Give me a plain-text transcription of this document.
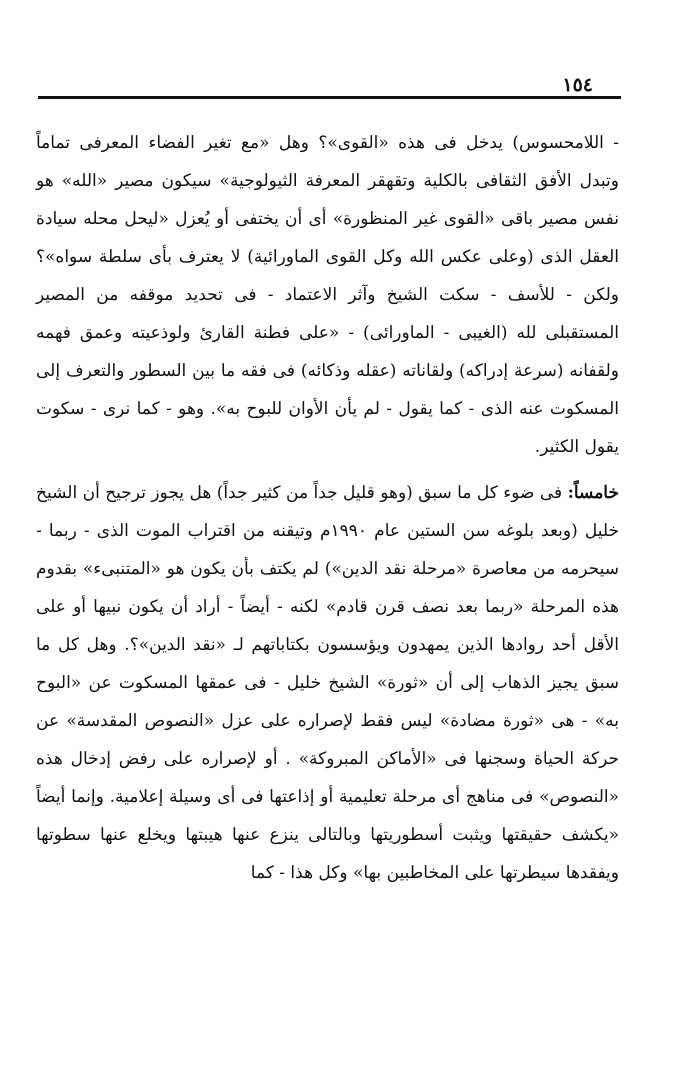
١٥٤

- اللامحسوس) يدخل فى هذه «القوى»؟ وهل «مع تغير الفضاء المعرفى تماماً وتبدل الأفق الثقافى بالكلية وتقهقر المعرفة الثيولوجية» سيكون مصير «الله» هو نفس مصير باقى «القوى غير المنظورة» أى أن يختفى أو يُعزل «ليحل محله سيادة العقل الذى (وعلى عكس الله وكل القوى الماورائية) لا يعترف بأى سلطة سواه»؟ ولكن - للأسف - سكت الشيخ وآثر الاعتماد - فى تحديد موقفه من المصير المستقبلى لله (الغيبى - الماورائى) - «على فطنة القارئ ولوذعيته وعمق فهمه ولقفانه (سرعة إدراكه) ولقاناته (عقله وذكائه) فى فقه ما بين السطور والتعرف إلى المسكوت عنه الذى - كما يقول - لم يأن الأوان للبوح به». وهو - كما نرى - سكوت يقول الكثير.

خامساً: فى ضوء كل ما سبق (وهو قليل جداً من كثير جداً) هل يجوز ترجيح أن الشيخ خليل (وبعد بلوغه سن الستين عام ١٩٩٠م وتيقنه من اقتراب الموت الذى - ربما - سيحرمه من معاصرة «مرحلة نقد الدين») لم يكتف بأن يكون هو «المتنبىء» بقدوم هذه المرحلة «ربما بعد نصف قرن قادم» لكنه - أيضاً - أراد أن يكون نبيها أو على الأقل أحد روادها الذين يمهدون ويؤسسون بكتاباتهم لـ «نقد الدين»؟. وهل كل ما سبق يجيز الذهاب إلى أن «ثورة» الشيخ خليل - فى عمقها المسكوت عن «البوح به» - هى «ثورة مضادة» ليس فقط لإصراره على عزل «النصوص المقدسة» عن حركة الحياة وسجنها فى «الأماكن المبروكة» . أو لإصراره على رفض إدخال هذه «النصوص» فى مناهج أى مرحلة تعليمية أو إذاعتها فى أى وسيلة إعلامية. وإنما أيضاً «يكشف حقيقتها ويثبت أسطوريتها وبالتالى ينزع عنها هيبتها ويخلع عنها سطوتها ويفقدها سيطرتها على المخاطبين بها» وكل هذا - كما
